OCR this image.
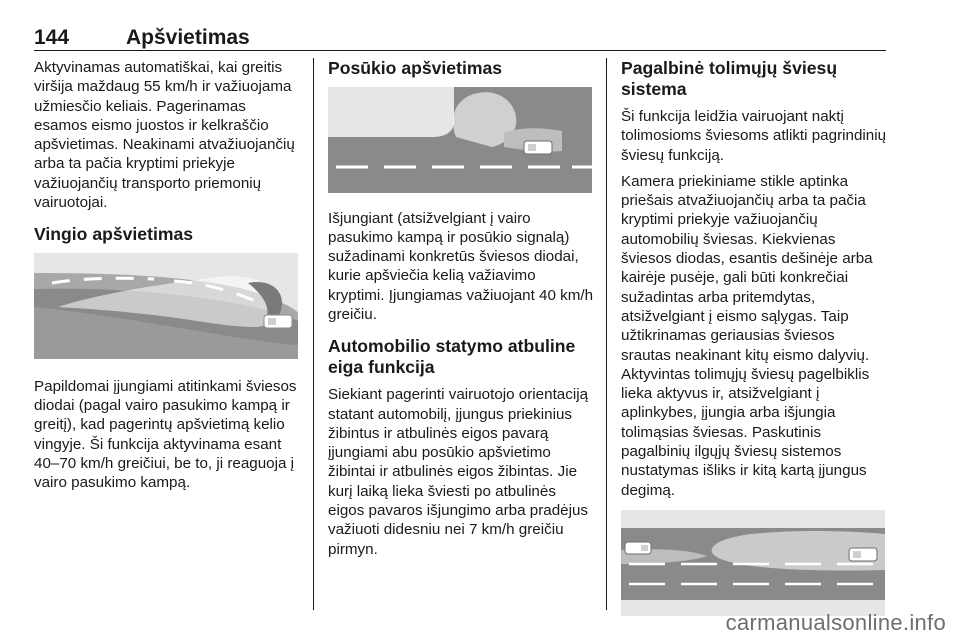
144	Apšvietimas

Aktyvinamas automatiškai, kai greitis viršija maždaug 55 km/h ir važiuojama užmiesčio keliais. Pagerinamas esamos eismo juostos ir kelkraščio apšvietimas. Neakinami atvažiuojančių arba ta pačia kryptimi priekyje važiuojančių transporto priemonių vairuotojai.

Vingio apšvietimas

Papildomai įjungiami atitinkami šviesos diodai (pagal vairo pasukimo kampą ir greitį), kad pagerintų apšvietimą kelio vingyje. Ši funkcija aktyvinama esant 40–70 km/h greičiui, be to, ji reaguoja į vairo pasukimo kampą.

Posūkio apšvietimas

Išjungiant (atsižvelgiant į vairo pasukimo kampą ir posūkio signalą) sužadinami konkretūs šviesos diodai, kurie apšviečia kelią važiavimo kryptimi. Įjungiamas važiuojant 40 km/h greičiu.

Automobilio statymo atbuline eiga funkcija

Siekiant pagerinti vairuotojo orientaciją statant automobilį, įjungus priekinius žibintus ir atbulinės eigos pavarą įjungiami abu posūkio apšvietimo žibintai ir atbulinės eigos žibintas. Jie kurį laiką lieka šviesti po atbulinės eigos pavaros išjungimo arba pradėjus važiuoti didesniu nei 7 km/h greičiu pirmyn.

Pagalbinė tolimųjų šviesų sistema

Ši funkcija leidžia vairuojant naktį tolimosioms šviesoms atlikti pagrindinių šviesų funkciją.

Kamera priekiniame stikle aptinka priešais atvažiuojančių arba ta pačia kryptimi priekyje važiuojančių automobilių šviesas. Kiekvienas šviesos diodas, esantis dešinėje arba kairėje pusėje, gali būti konkrečiai sužadintas arba pritemdytas, atsižvelgiant į eismo sąlygas. Taip užtikrinamas geriausias šviesos srautas neakinant kitų eismo dalyvių. Aktyvintas tolimųjų šviesų pagelbiklis lieka aktyvus ir, atsižvelgiant į aplinkybes, įjungia arba išjungia tolimąsias šviesas. Paskutinis pagalbinių ilgųjų šviesų sistemos nustatymas išliks ir kitą kartą įjungus degimą.

carmanualsonline.info
